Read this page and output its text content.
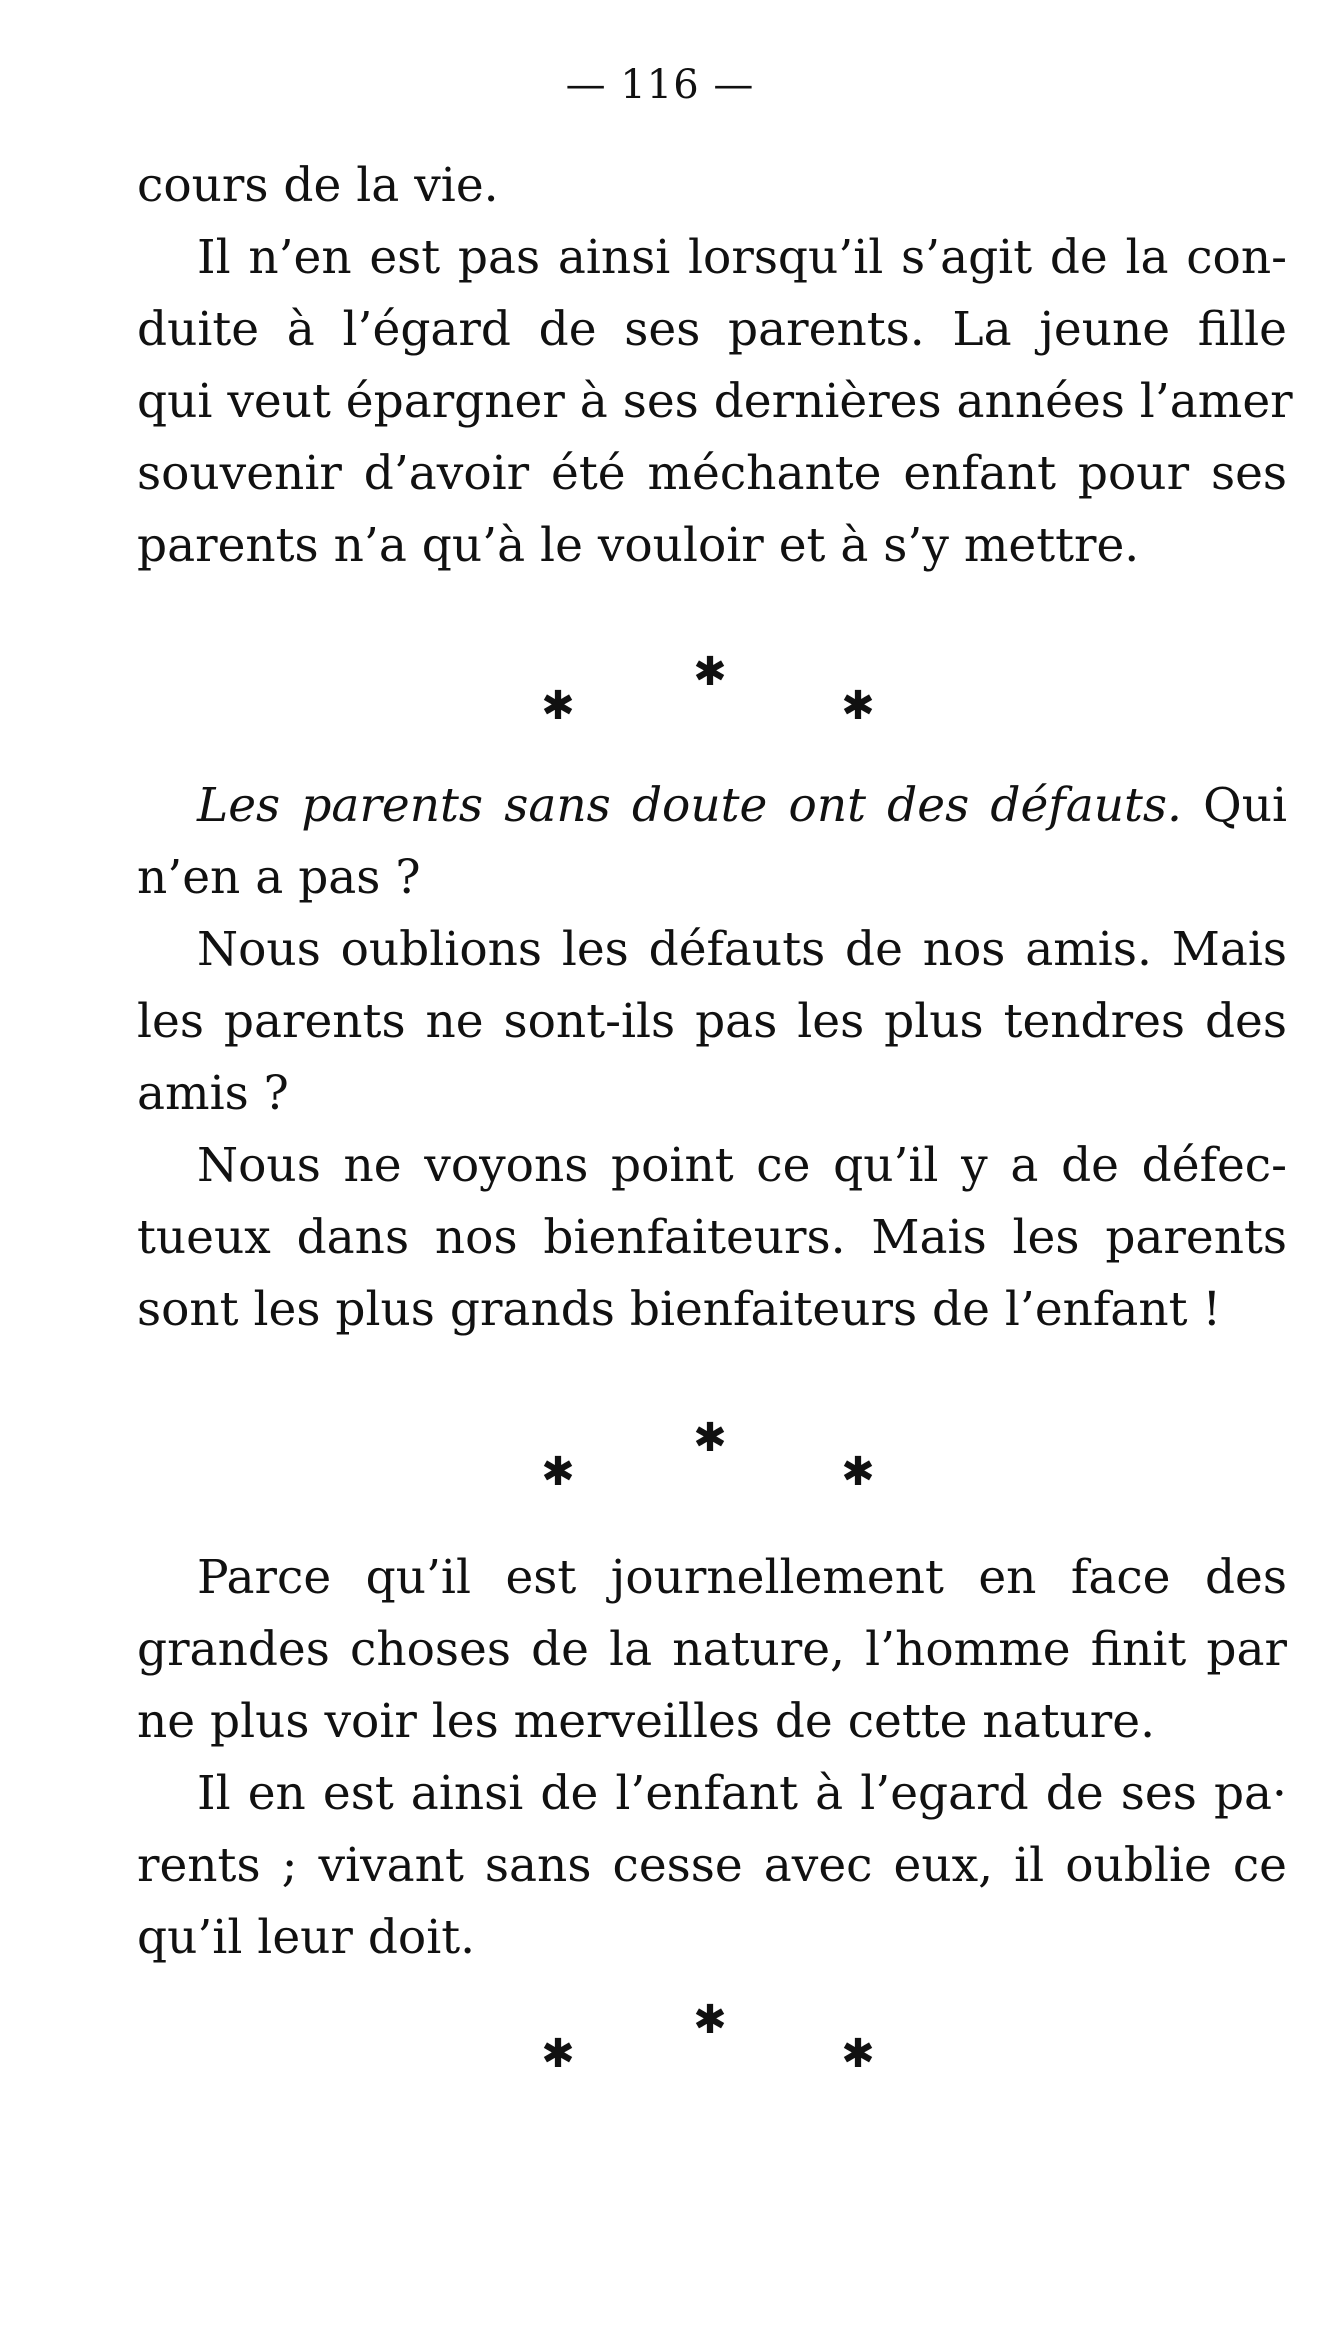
— 116 —
cours de la vie.
Il n’en est pas ainsi lorsqu’il s’agit de la con-
duite à l’égard de ses parents. La jeune fille
qui veut épargner à ses dernières années l’amer
souvenir d’avoir été méchante enfant pour ses
parents n’a qu’à le vouloir et à s’y mettre.
✱
✱	✱
Les parents sans doute ont des défauts. Qui
n’en a pas ?
Nous oublions les défauts de nos amis. Mais
les parents ne sont-ils pas les plus tendres des
amis ?
Nous ne voyons point ce qu’il y a de défec-
tueux dans nos bienfaiteurs. Mais les parents
sont les plus grands bienfaiteurs de l’enfant !
✱
✱	✱
Parce qu’il est journellement en face des
grandes choses de la nature, l’homme finit par
ne plus voir les merveilles de cette nature.
Il en est ainsi de l’enfant à l’egard de ses pa·
rents ; vivant sans cesse avec eux, il oublie ce
qu’il leur doit.
✱
✱	✱
